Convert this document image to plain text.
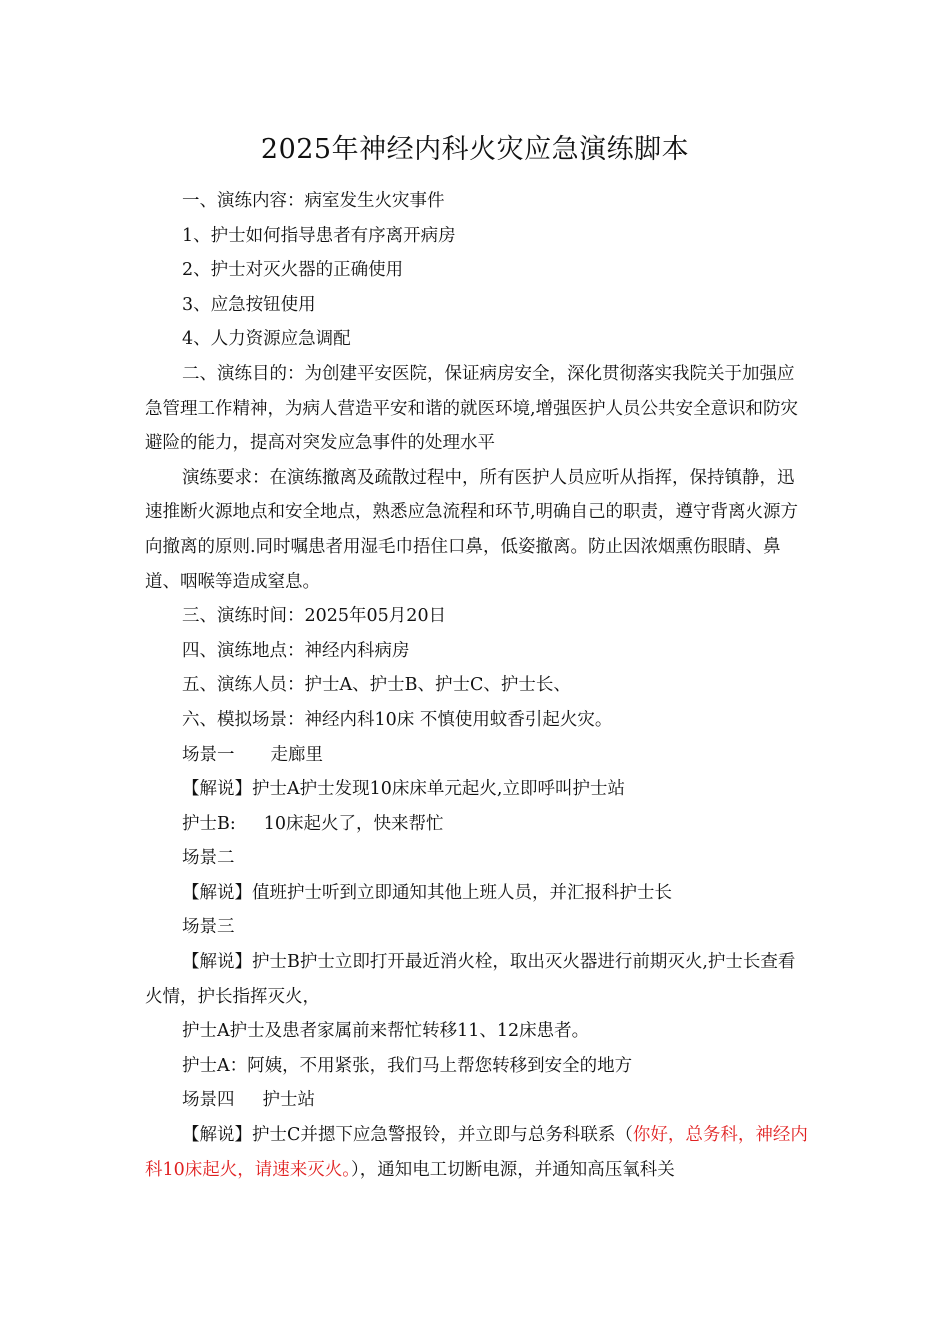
2025年神经内科火灾应急演练脚本

一、演练内容：病室发生火灾事件

1、护士如何指导患者有序离开病房

2、护士对灭火器的正确使用

3、应急按钮使用

4、人力资源应急调配

二、演练目的：为创建平安医院，保证病房安全，深化贯彻落实我院关于加强应急管理工作精神，为病人营造平安和谐的就医环境,增强医护人员公共安全意识和防灾避险的能力，提高对突发应急事件的处理水平

演练要求：在演练撤离及疏散过程中，所有医护人员应听从指挥，保持镇静，迅速推断火源地点和安全地点，熟悉应急流程和环节,明确自己的职责，遵守背离火源方向撤离的原则.同时嘱患者用湿毛巾捂住口鼻，低姿撤离。防止因浓烟熏伤眼睛、鼻道、咽喉等造成窒息。

三、演练时间：2025年05月20日

四、演练地点：神经内科病房

五、演练人员：护士A、护士B、护士C、护士长、

六、模拟场景：神经内科10床 不慎使用蚊香引起火灾。

场景一 走廊里

【解说】护士A护士发现10床床单元起火,立即呼叫护士站

护士B: 10床起火了，快来帮忙

场景二

【解说】值班护士听到立即通知其他上班人员，并汇报科护士长

场景三

【解说】护士B护士立即打开最近消火栓，取出灭火器进行前期灭火,护士长查看火情，护长指挥灭火，

护士A护士及患者家属前来帮忙转移11、12床患者。

护士A：阿姨，不用紧张，我们马上帮您转移到安全的地方

场景四 护士站

【解说】护士C并摁下应急警报铃，并立即与总务科联系（你好，总务科，神经内科10床起火，请速来灭火。），通知电工切断电源，并通知高压氧科关
